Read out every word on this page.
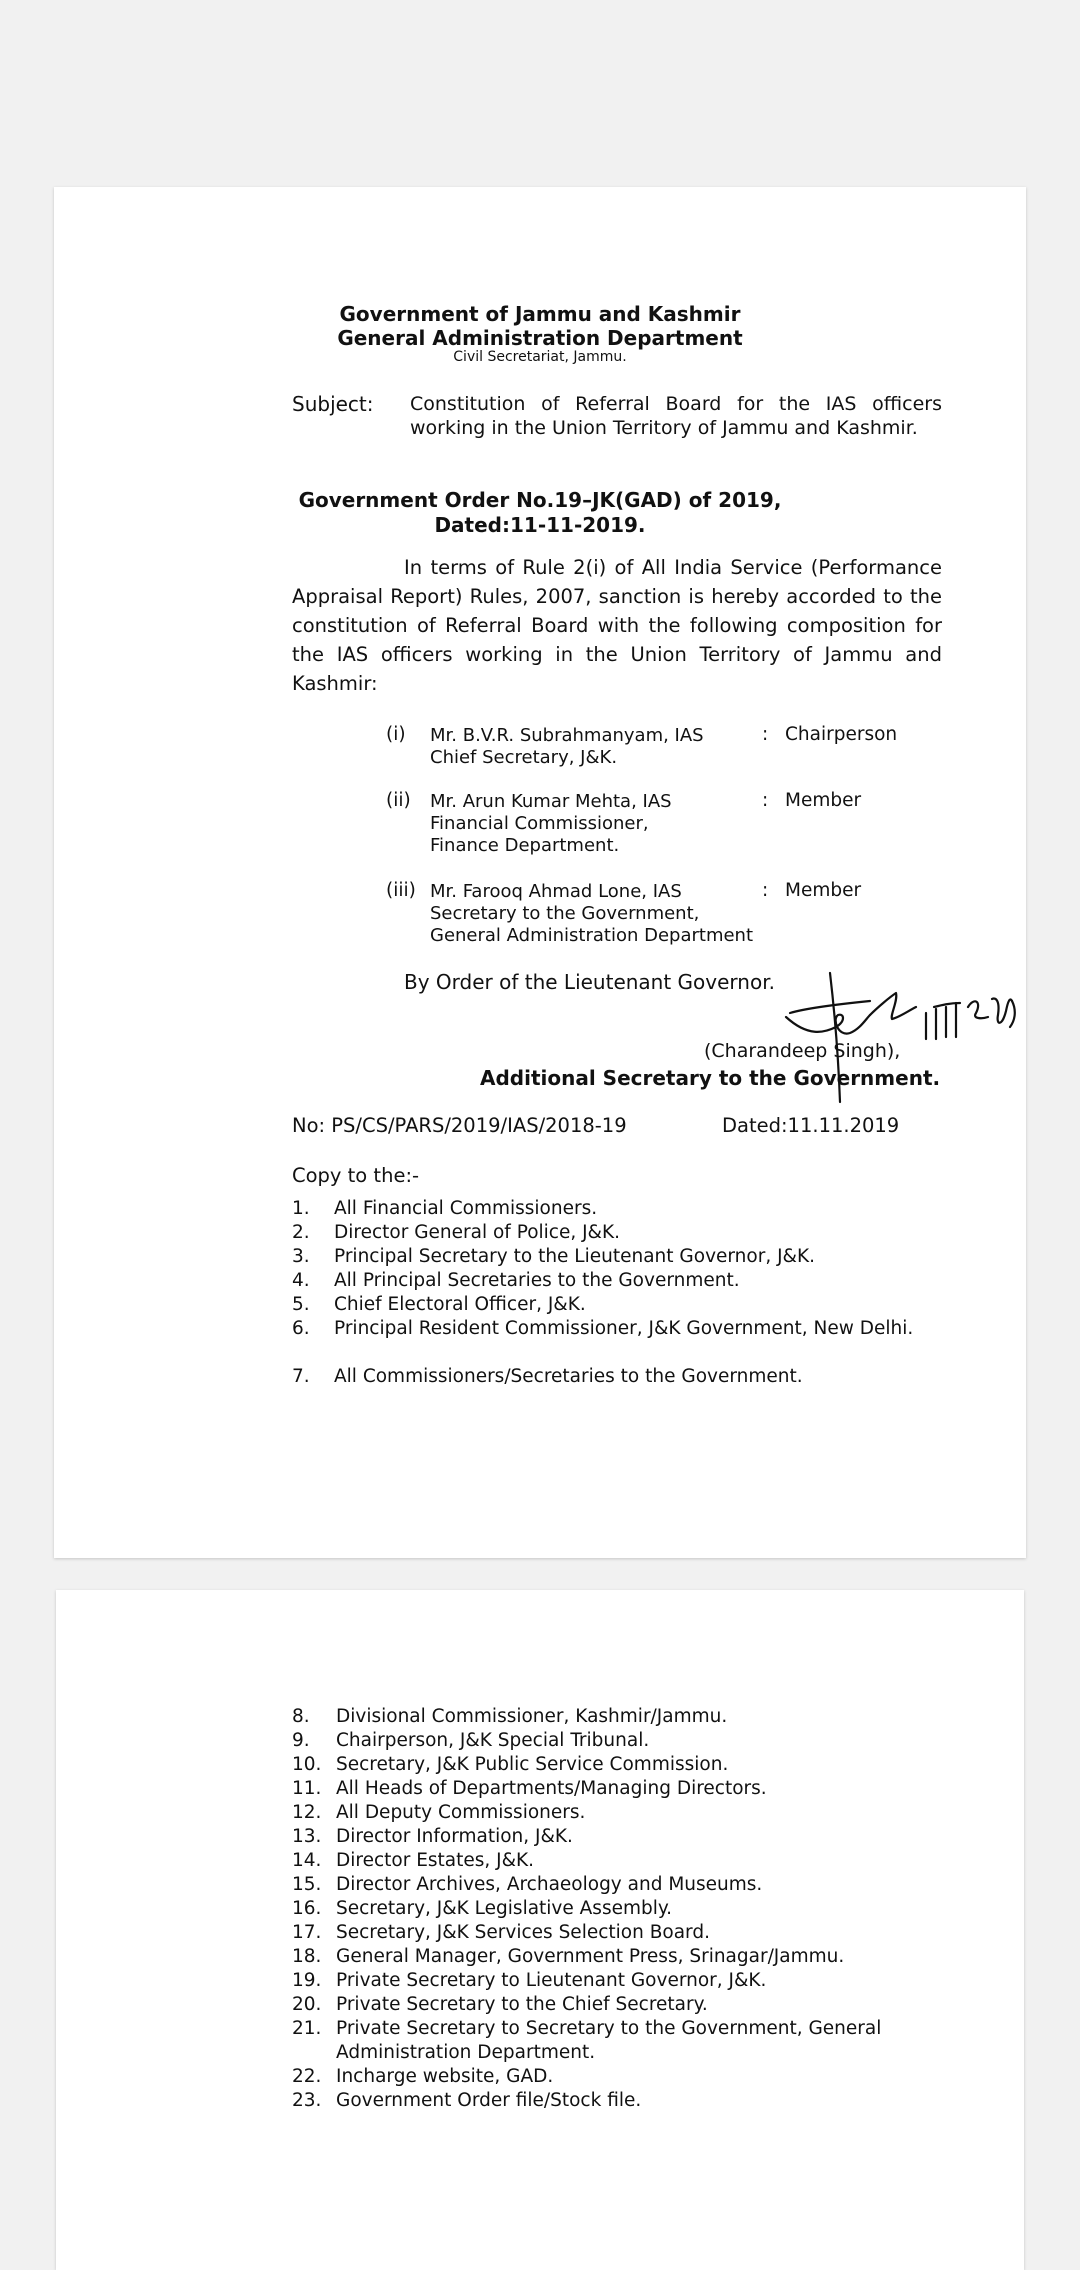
Government of Jammu and Kashmir
General Administration Department
Civil Secretariat, Jammu.
Subject: Constitution of Referral Board for the IAS officers working in the Union Territory of Jammu and Kashmir.
Government Order No.19–JK(GAD) of 2019,
Dated:11-11-2019.
In terms of Rule 2(i) of All India Service (Performance Appraisal Report) Rules, 2007, sanction is hereby accorded to the constitution of Referral Board with the following composition for the IAS officers working in the Union Territory of Jammu and Kashmir:
(i) Mr. B.V.R. Subrahmanyam, IAS
Chief Secretary, J&K.
: Chairperson
(ii) Mr. Arun Kumar Mehta, IAS
Financial Commissioner,
Finance Department.
: Member
(iii) Mr. Farooq Ahmad Lone, IAS
Secretary to the Government,
General Administration Department
: Member
By Order of the Lieutenant Governor.
(Charandeep Singh),
Additional Secretary to the Government.
No: PS/CS/PARS/2019/IAS/2018-19	Dated:11.11.2019
Copy to the:-
1. All Financial Commissioners.
2. Director General of Police, J&K.
3. Principal Secretary to the Lieutenant Governor, J&K.
4. All Principal Secretaries to the Government.
5. Chief Electoral Officer, J&K.
6. Principal Resident Commissioner, J&K Government, New Delhi.
7. All Commissioners/Secretaries to the Government.
8. Divisional Commissioner, Kashmir/Jammu.
9. Chairperson, J&K Special Tribunal.
10. Secretary, J&K Public Service Commission.
11. All Heads of Departments/Managing Directors.
12. All Deputy Commissioners.
13. Director Information, J&K.
14. Director Estates, J&K.
15. Director Archives, Archaeology and Museums.
16. Secretary, J&K Legislative Assembly.
17. Secretary, J&K Services Selection Board.
18. General Manager, Government Press, Srinagar/Jammu.
19. Private Secretary to Lieutenant Governor, J&K.
20. Private Secretary to the Chief Secretary.
21. Private Secretary to Secretary to the Government, General Administration Department.
22. Incharge website, GAD.
23. Government Order file/Stock file.
